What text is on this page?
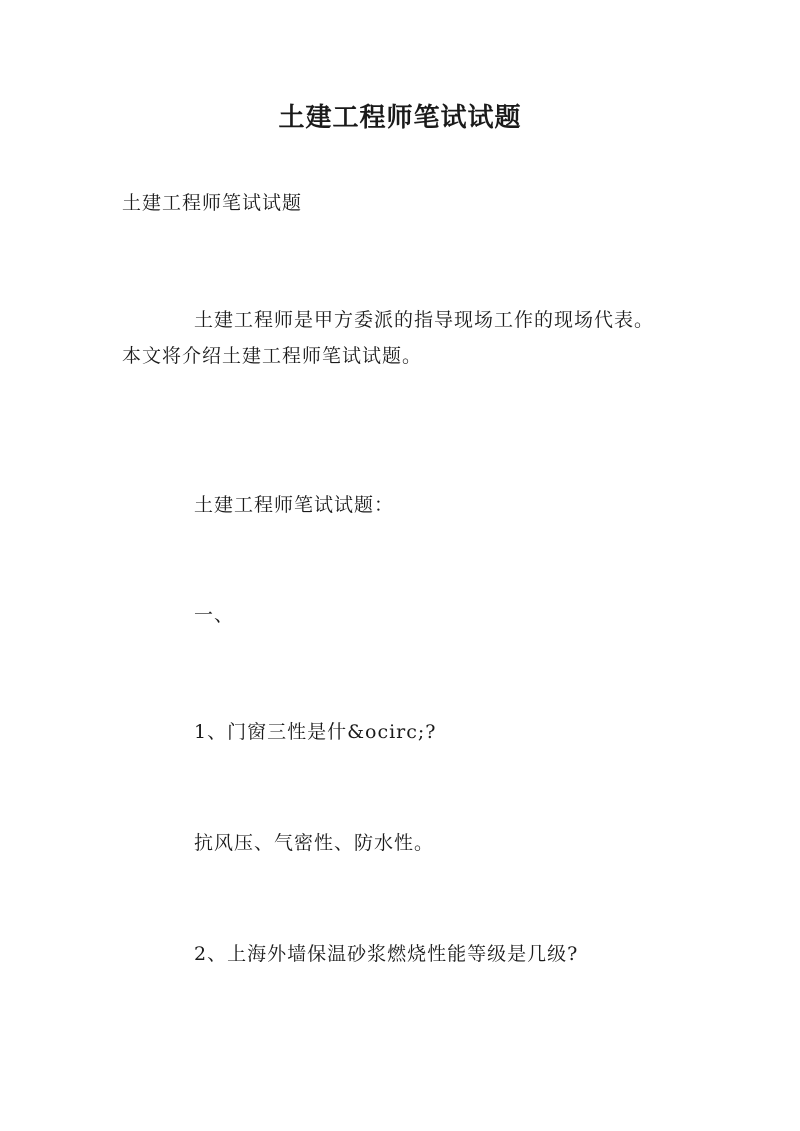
土建工程师笔试试题
土建工程师笔试试题
土建工程师是甲方委派的指导现场工作的现场代表。
本文将介绍土建工程师笔试试题。
土建工程师笔试试题：
一、
1、门窗三性是什&ocirc;?
抗风压、气密性、防水性。
2、上海外墙保温砂浆燃烧性能等级是几级?
